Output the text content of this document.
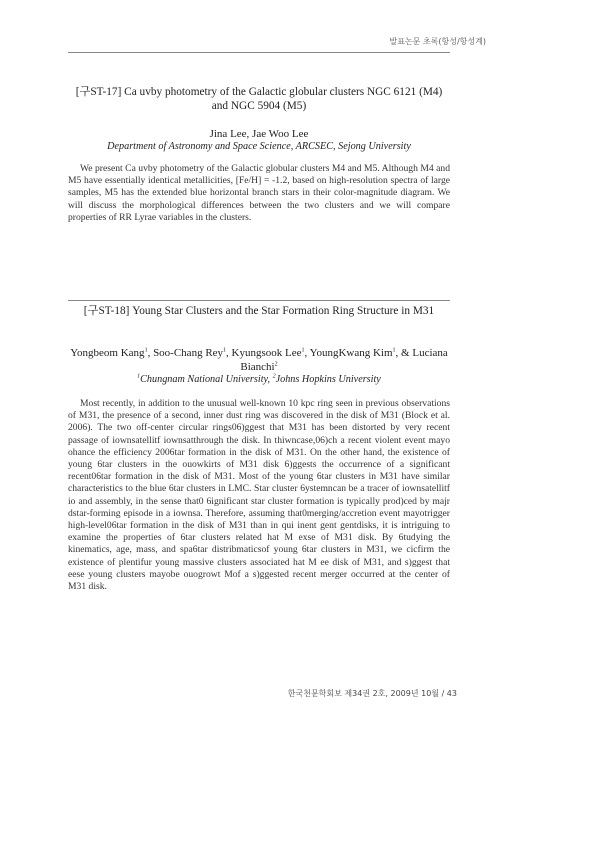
발표논문 초록(항성/항성계)
[구ST-17] Ca uvby photometry of the Galactic globular clusters NGC 6121 (M4) and NGC 5904 (M5)
Jina Lee, Jae Woo Lee
Department of Astronomy and Space Science, ARCSEC, Sejong University

We present Ca uvby photometry of the Galactic globular clusters M4 and M5. Although M4 and M5 have essentially identical metallicities, [Fe/H] = -1.2, based on high-resolution spectra of large samples, M5 has the extended blue horizontal branch stars in their color-magnitude diagram. We will discuss the morphological differences between the two clusters and we will compare properties of RR Lyrae variables in the clusters.

[구ST-18] Young Star Clusters and the Star Formation Ring Structure in M31
Yongbeom Kang$^1$, Soo-Chang Rey$^1$, Kyungsook Lee$^1$, YoungKwang Kim$^1$, & Luciana Bianchi$^2$
$^1$Chungnam National University, $^2$Johns Hopkins University

Most recently, in addition to the unusual well-known 10 kpc ring seen in previous observations of M31, the presence of a second, inner dust ring was discovered in the disk of M31 (Block et al. 2006). The two off-center circular rings06)ggest that M31 has been distorted by very recent passage of iownsatellitf iownsatthrough the disk. In thiwncase,06)ch a recent violent event mayo ohance the efficiency 2006tar formation in the disk of M31. On the other hand, the existence of young 6tar clusters in the ouowkirts of M31 disk 6)ggests the occurrence of a significant recent06tar formation in the disk of M31. Most of the young 6tar clusters in M31 have similar characteristics to the blue 6tar clusters in LMC. Star cluster 6ystemncan be a tracer of iownsatellitf io and assembly, in the sense that0 6ignificant star cluster formation is typically prod)ced by majr dstar-forming episode in a iownsa. Therefore, assuming that0merging/accretion event mayotrigger high-level06tar formation in the disk of M31 than in qui inent gent gentdisks, it is intriguing to examine the properties of 6tar clusters related hat M exse of M31 disk. By 6tudying the kinematics, age, mass, and spa6tar distribmaticsof young 6tar clusters in M31, we cicfirm the existence of plentifur young massive clusters associated hat M ee disk of M31, and s)ggest that eese young clusters mayobe ouogrowt Mof a s)ggested recent merger occurred at the center of M31 disk.

한국천문학회보 제34권 2호, 2009년 10월 / 43
